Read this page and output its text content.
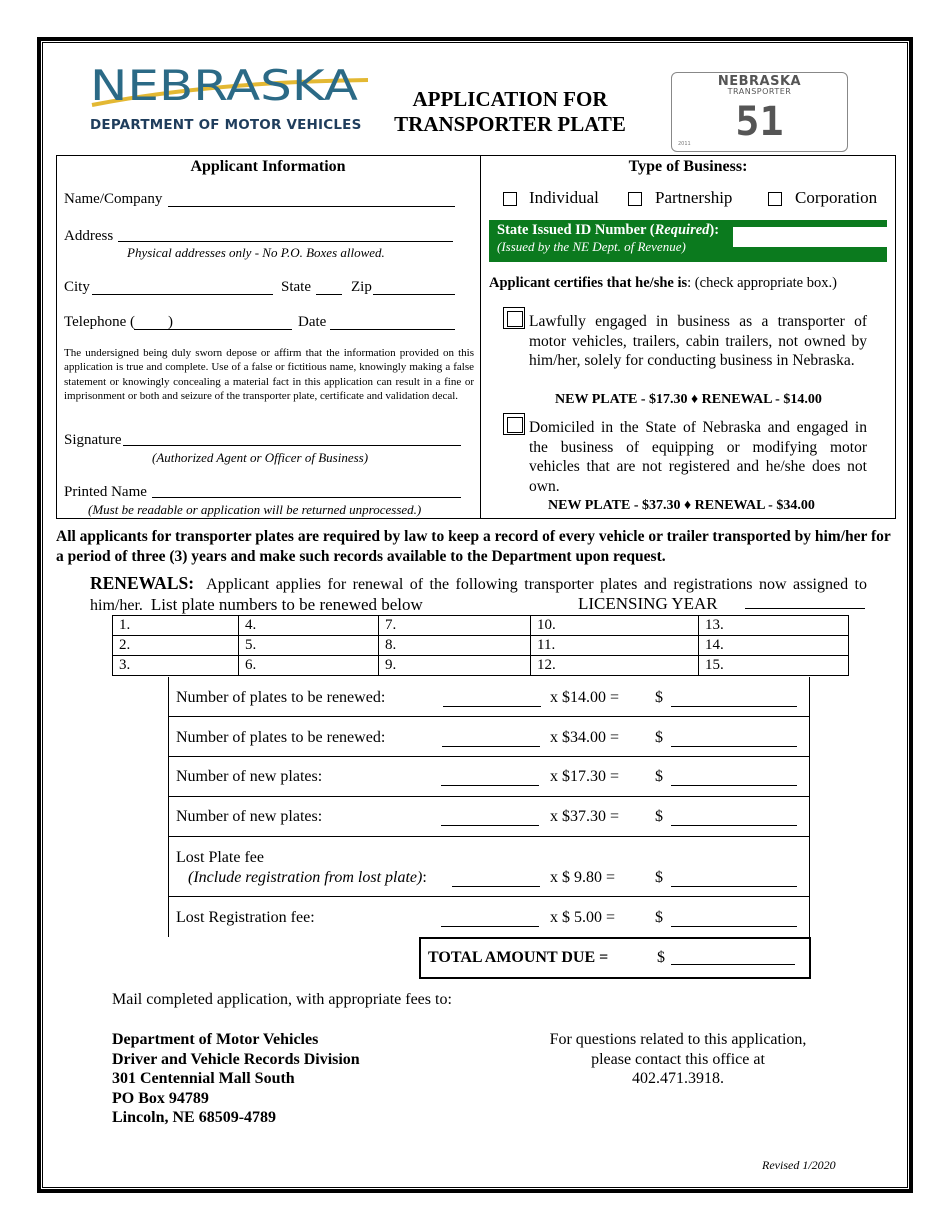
NEBRASKA
DEPARTMENT OF MOTOR VEHICLES
APPLICATION FOR
TRANSPORTER PLATE
NEBRASKA
TRANSPORTER
51
2011
Applicant Information
Name/Company
Address
Physical addresses only - No P.O. Boxes allowed.
City	State	Zip
Telephone ( )	Date
The undersigned being duly sworn depose or affirm that the information provided on this application is true and complete. Use of a false or fictitious name, knowingly making a false statement or knowingly concealing a material fact in this application can result in a fine or imprisonment or both and seizure of the transporter plate, certificate and validation decal.
Signature
(Authorized Agent or Officer of Business)
Printed Name
(Must be readable or application will be returned unprocessed.)
Type of Business:
Individual	Partnership	Corporation
State Issued ID Number (Required):
(Issued by the NE Dept. of Revenue)
Applicant certifies that he/she is: (check appropriate box.)
Lawfully engaged in business as a transporter of motor vehicles, trailers, cabin trailers, not owned by him/her, solely for conducting business in Nebraska.
NEW PLATE - $17.30 ♦ RENEWAL - $14.00
Domiciled in the State of Nebraska and engaged in the business of equipping or modifying motor vehicles that are not registered and he/she does not own.
NEW PLATE - $37.30 ♦ RENEWAL - $34.00
All applicants for transporter plates are required by law to keep a record of every vehicle or trailer transported by him/her for a period of three (3) years and make such records available to the Department upon request.
RENEWALS: Applicant applies for renewal of the following transporter plates and registrations now assigned to him/her. List plate numbers to be renewed below	LICENSING YEAR
1.	4.	7.	10.	13.
2.	5.	8.	11.	14.
3.	6.	9.	12.	15.
Number of plates to be renewed:	x $14.00 = $
Number of plates to be renewed:	x $34.00 = $
Number of new plates:	x $17.30 = $
Number of new plates:	x $37.30 = $
Lost Plate fee
(Include registration from lost plate):	x $ 9.80 = $
Lost Registration fee:	x $ 5.00 = $
TOTAL AMOUNT DUE =	$
Mail completed application, with appropriate fees to:
Department of Motor Vehicles
Driver and Vehicle Records Division
301 Centennial Mall South
PO Box 94789
Lincoln, NE 68509-4789
For questions related to this application,
please contact this office at
402.471.3918.
Revised 1/2020
